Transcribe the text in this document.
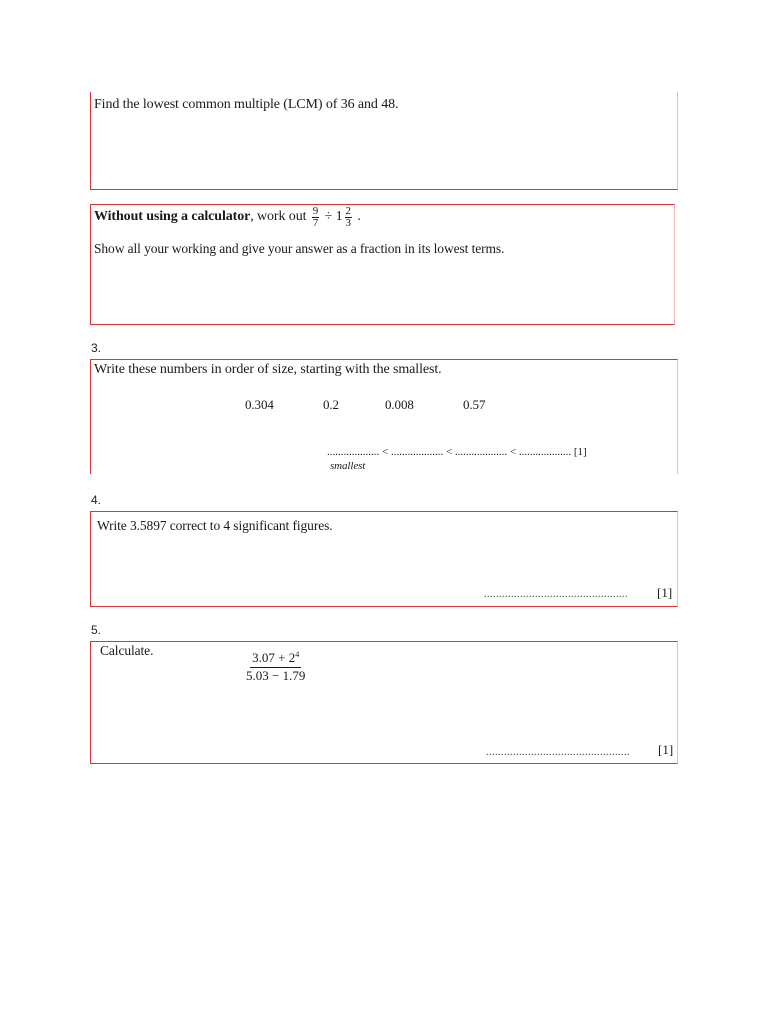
Find the lowest common multiple (LCM) of 36 and 48.
Without using a calculator , work out
$\frac{9}{7}$
÷
$1 \frac{2}{3}$
.
Show all your working and give your answer as a fraction in its lowest terms.
3.
Write these numbers in order of size, starting with the smallest.
0.304	0.2	0.008	0.57
................... < ................... < ................... < ................... [1]
smallest
4.
Write 3.5897 correct to 4 significant figures.
................................................ [1]
5.
Calculate.	$\frac{3.07 + 2^4}{5.03 - 1.79}$
................................................ [1]
